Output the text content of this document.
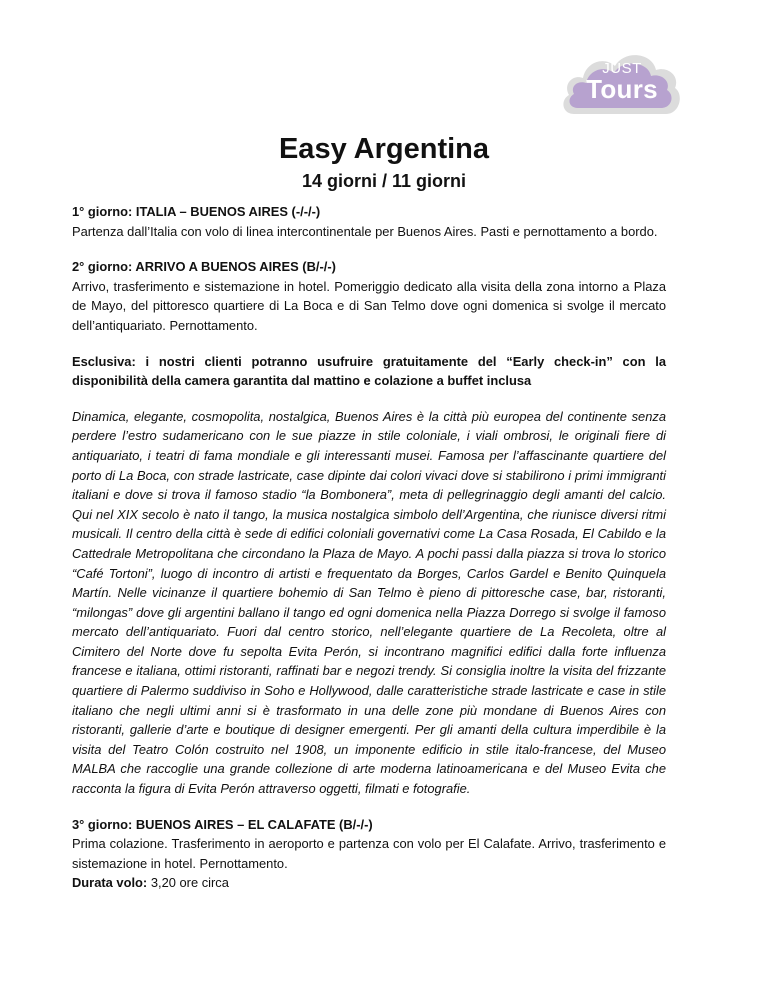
JUST
Tours
Easy Argentina
14 giorni / 11 giorni

1° giorno: ITALIA – BUENOS AIRES (-/-/-)

Partenza dall’Italia con volo di linea intercontinentale per Buenos Aires. Pasti e pernottamento a bordo.

2° giorno: ARRIVO A BUENOS AIRES (B/-/-)

Arrivo, trasferimento e sistemazione in hotel. Pomeriggio dedicato alla visita della zona intorno a Plaza de Mayo, del pittoresco quartiere di La Boca e di San Telmo dove ogni domenica si svolge il mercato dell’antiquariato. Pernottamento.

Esclusiva: i nostri clienti potranno usufruire gratuitamente del “Early check-in” con la disponibilità della camera garantita dal mattino e colazione a buffet inclusa

Dinamica, elegante, cosmopolita, nostalgica, Buenos Aires è la città più europea del continente senza perdere l’estro sudamericano con le sue piazze in stile coloniale, i viali ombrosi, le originali fiere di antiquariato, i teatri di fama mondiale e gli interessanti musei. Famosa per l’affascinante quartiere del porto di La Boca, con strade lastricate, case dipinte dai colori vivaci dove si stabilirono i primi immigranti italiani e dove si trova il famoso stadio “la Bombonera”, meta di pellegrinaggio degli amanti del calcio. Qui nel XIX secolo è nato il tango, la musica nostalgica simbolo dell’Argentina, che riunisce diversi ritmi musicali. Il centro della città è sede di edifici coloniali governativi come La Casa Rosada, El Cabildo e la Cattedrale Metropolitana che circondano la Plaza de Mayo. A pochi passi dalla piazza si trova lo storico “Café Tortoni”, luogo di incontro di artisti e frequentato da Borges, Carlos Gardel e Benito Quinquela Martín. Nelle vicinanze il quartiere bohemio di San Telmo è pieno di pittoresche case, bar, ristoranti, “milongas” dove gli argentini ballano il tango ed ogni domenica nella Piazza Dorrego si svolge il famoso mercato dell’antiquariato. Fuori dal centro storico, nell’elegante quartiere de La Recoleta, oltre al Cimitero del Norte dove fu sepolta Evita Perón, si incontrano magnifici edifici dalla forte influenza francese e italiana, ottimi ristoranti, raffinati bar e negozi trendy. Si consiglia inoltre la visita del frizzante quartiere di Palermo suddiviso in Soho e Hollywood, dalle caratteristiche strade lastricate e case in stile italiano che negli ultimi anni si è trasformato in una delle zone più mondane di Buenos Aires con ristoranti, gallerie d’arte e boutique di designer emergenti. Per gli amanti della cultura imperdibile è la visita del Teatro Colón costruito nel 1908, un imponente edificio in stile italo-francese, del Museo MALBA che raccoglie una grande collezione di arte moderna latinoamericana e del Museo Evita che racconta la figura di Evita Perón attraverso oggetti, filmati e fotografie.

3° giorno: BUENOS AIRES – EL CALAFATE (B/-/-)

Prima colazione. Trasferimento in aeroporto e partenza con volo per El Calafate. Arrivo, trasferimento e sistemazione in hotel. Pernottamento.

Durata volo: 3,20 ore circa
